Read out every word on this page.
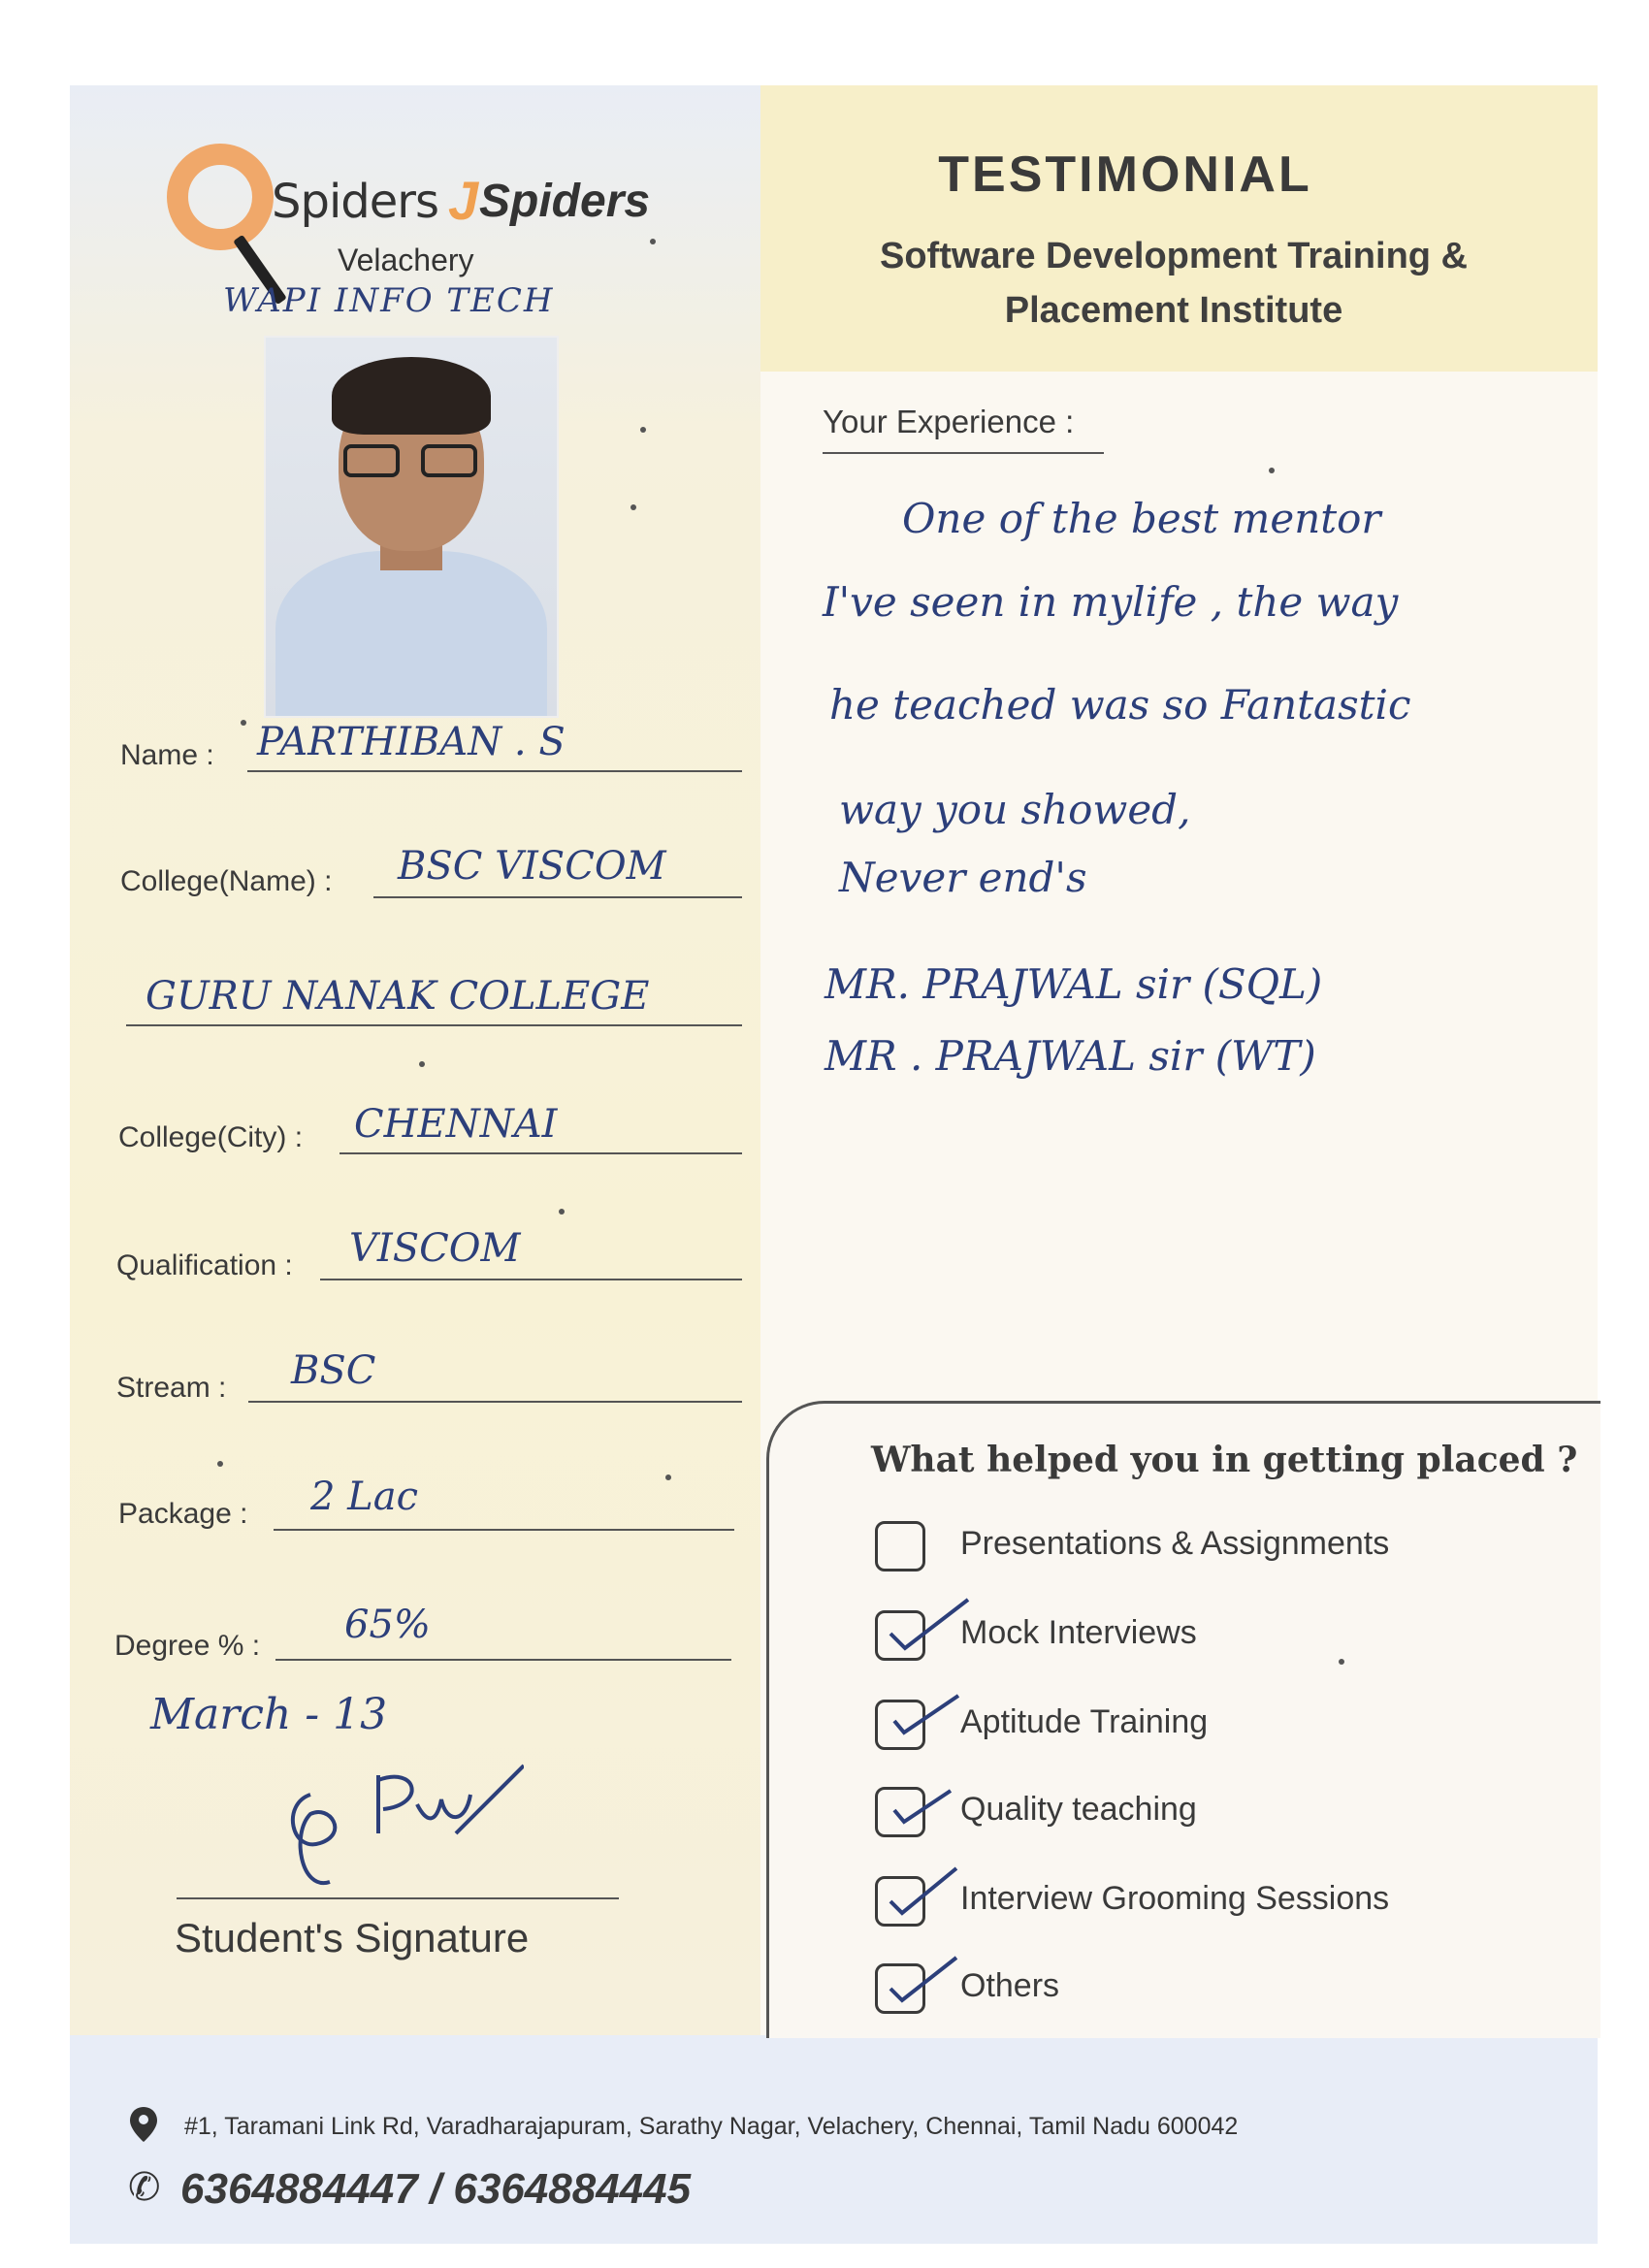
Spiders J Spiders
Velachery
WAPI INFO TECH
TESTIMONIAL
Software Development Training &
Placement Institute
Name : PARTHIBAN . S
College(Name) : BSC VISCOM
GURU NANAK COLLEGE
College(City) : CHENNAI
Qualification : VISCOM
Stream : BSC
Package : 2 Lac
Degree % : 65%
March - 13
Student's Signature
Your Experience :
One of the best mentor
I've seen in mylife , the way
he teached was so Fantastic
way you showed,
Never end's
MR. PRAJWAL sir (SQL)
MR . PRAJWAL sir (WT)
What helped you in getting placed ?
Presentations & Assignments
Mock Interviews
Aptitude Training
Quality teaching
Interview Grooming Sessions
Others
#1, Taramani Link Rd, Varadharajapuram, Sarathy Nagar, Velachery, Chennai, Tamil Nadu 600042
✆ 6364884447 / 6364884445
